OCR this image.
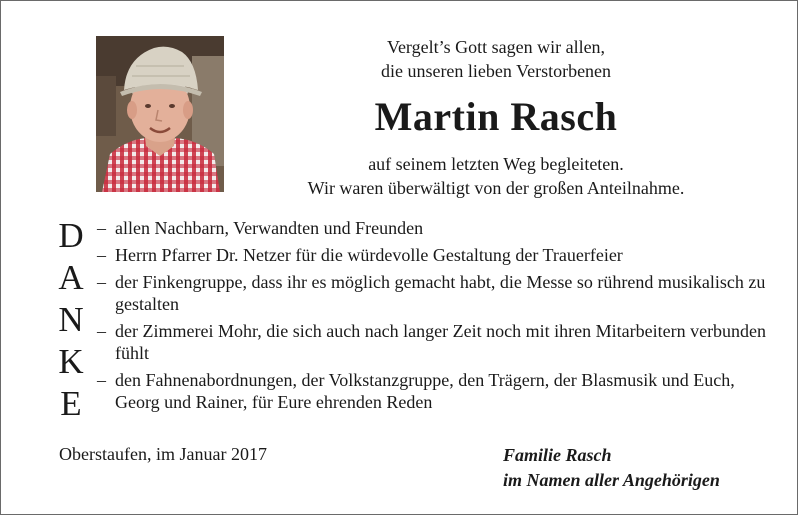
Vergelt’s Gott sagen wir allen,
die unseren lieben Verstorbenen
Martin Rasch
auf seinem letzten Weg begleiteten.
Wir waren überwältigt von der großen Anteilnahme.
D
A
N
K
E
– allen Nachbarn, Verwandten und Freunden
– Herrn Pfarrer Dr. Netzer für die würdevolle Gestaltung der Trauerfeier
– der Finkengruppe, dass ihr es möglich gemacht habt, die Messe so rührend musikalisch zu gestalten
– der Zimmerei Mohr, die sich auch nach langer Zeit noch mit ihren Mitarbeitern verbunden fühlt
– den Fahnenabordnungen, der Volkstanzgruppe, den Trägern, der Blasmusik und Euch, Georg und Rainer, für Eure ehrenden Reden
Oberstaufen, im Januar 2017	Familie Rasch
im Namen aller Angehörigen
